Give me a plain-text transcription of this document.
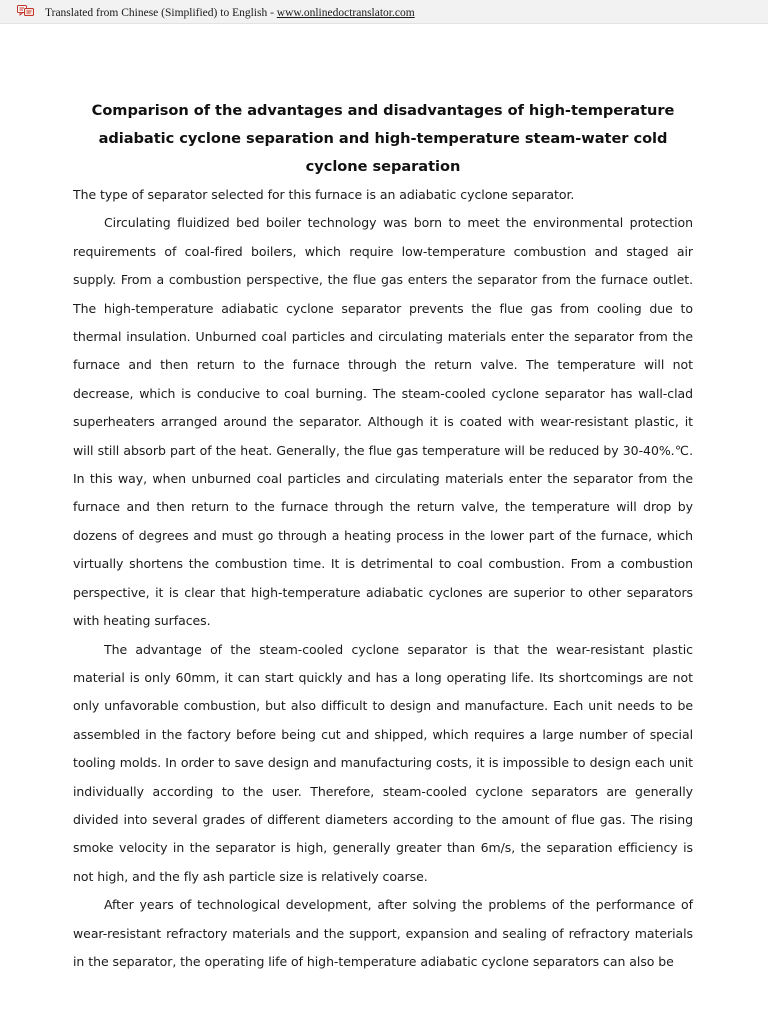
Translated from Chinese (Simplified) to English - www.onlinedoctranslator.com
Comparison of the advantages and disadvantages of high-temperature adiabatic cyclone separation and high-temperature steam-water cold cyclone separation

The type of separator selected for this furnace is an adiabatic cyclone separator.

Circulating fluidized bed boiler technology was born to meet the environmental protection requirements of coal-fired boilers, which require low-temperature combustion and staged air supply. From a combustion perspective, the flue gas enters the separator from the furnace outlet. The high-temperature adiabatic cyclone separator prevents the flue gas from cooling due to thermal insulation. Unburned coal particles and circulating materials enter the separator from the furnace and then return to the furnace through the return valve. The temperature will not decrease, which is conducive to coal burning. The steam-cooled cyclone separator has wall-clad superheaters arranged around the separator. Although it is coated with wear-resistant plastic, it will still absorb part of the heat. Generally, the flue gas temperature will be reduced by 30-40%.℃. In this way, when unburned coal particles and circulating materials enter the separator from the furnace and then return to the furnace through the return valve, the temperature will drop by dozens of degrees and must go through a heating process in the lower part of the furnace, which virtually shortens the combustion time. It is detrimental to coal combustion. From a combustion perspective, it is clear that high-temperature adiabatic cyclones are superior to other separators with heating surfaces.

The advantage of the steam-cooled cyclone separator is that the wear-resistant plastic material is only 60mm, it can start quickly and has a long operating life. Its shortcomings are not only unfavorable combustion, but also difficult to design and manufacture. Each unit needs to be assembled in the factory before being cut and shipped, which requires a large number of special tooling molds. In order to save design and manufacturing costs, it is impossible to design each unit individually according to the user. Therefore, steam-cooled cyclone separators are generally divided into several grades of different diameters according to the amount of flue gas. The rising smoke velocity in the separator is high, generally greater than 6m/s, the separation efficiency is not high, and the fly ash particle size is relatively coarse.

After years of technological development, after solving the problems of the performance of wear-resistant refractory materials and the support, expansion and sealing of refractory materials in the separator, the operating life of high-temperature adiabatic cyclone separators can also be
